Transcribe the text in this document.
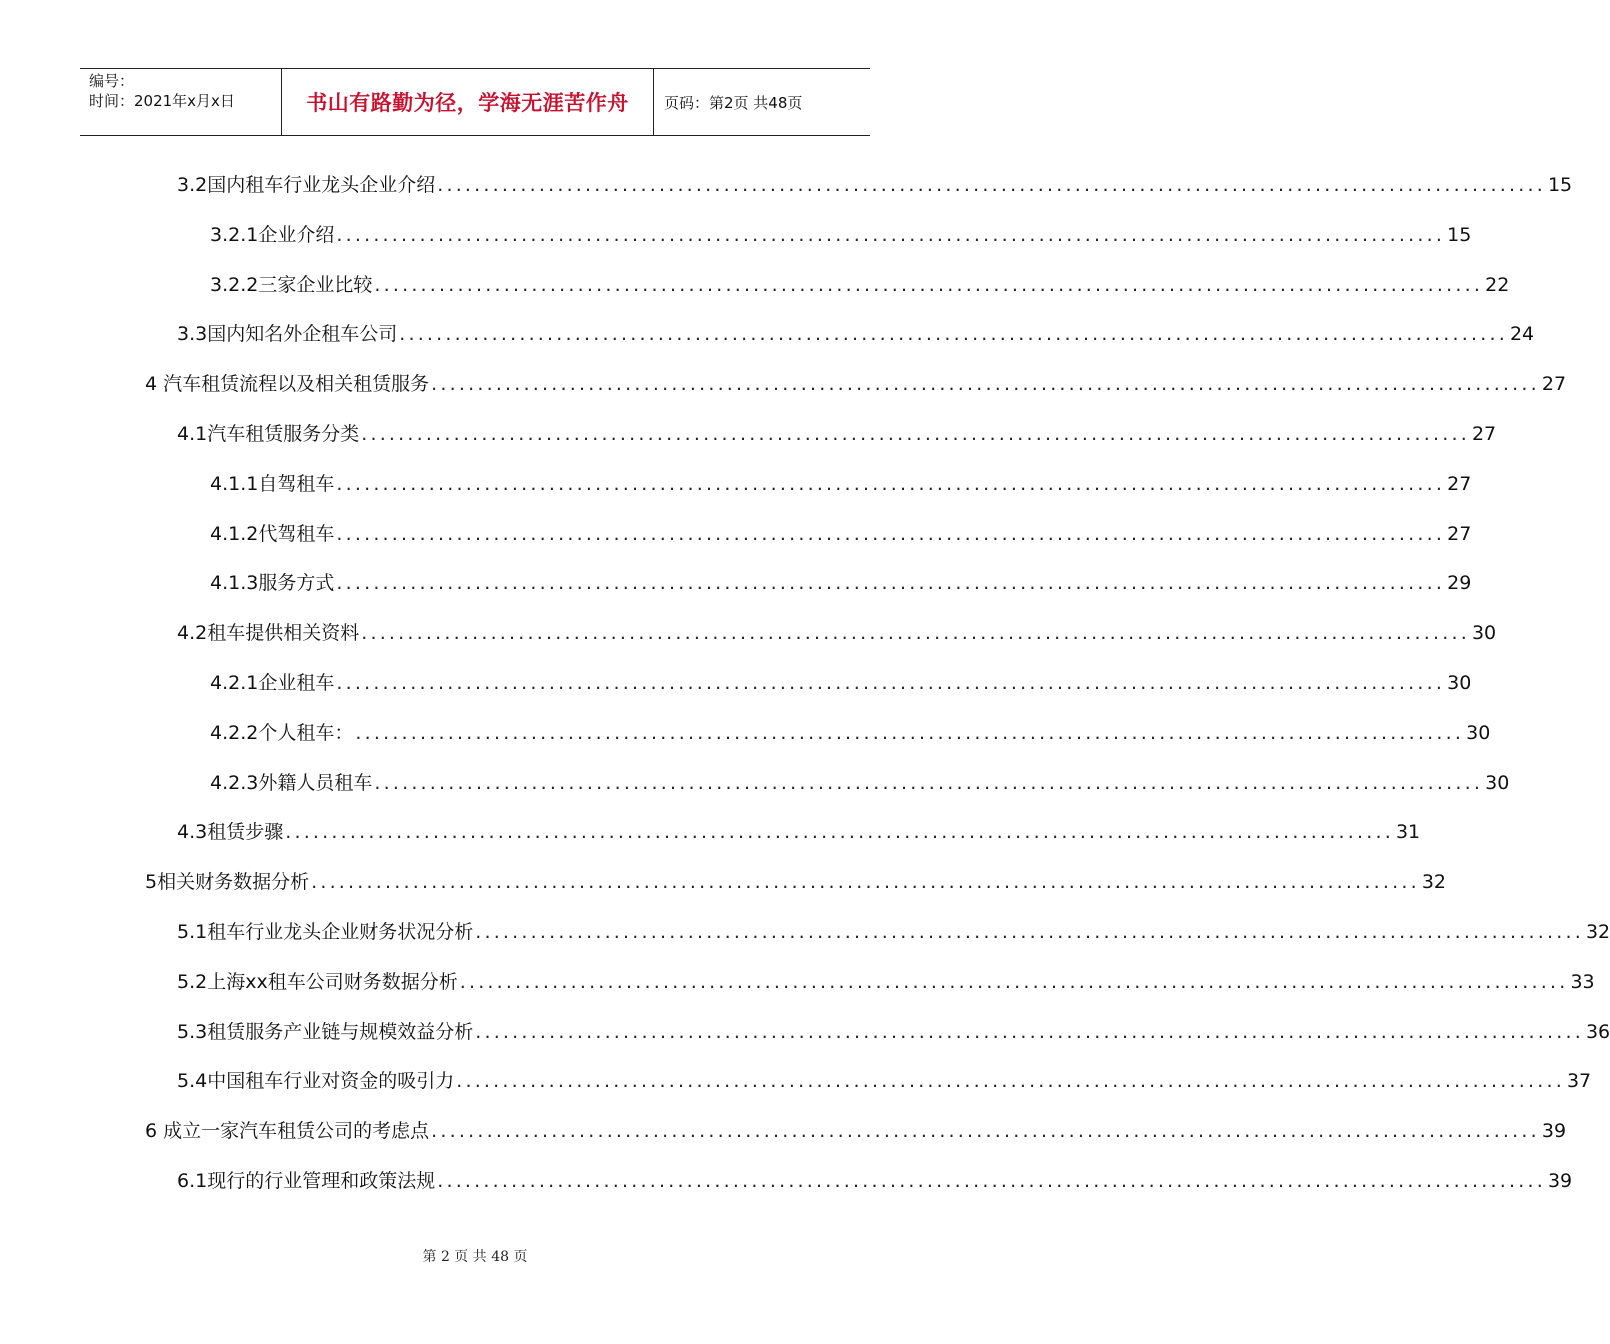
编号：
时间：2021年x月x日	书山有路勤为径，学海无涯苦作舟	页码：第2页 共48页
3.2国内租车行业龙头企业介绍 ........................................................................................................................ 15
3.2.1企业介绍 ........................................................................................................................ 15
3.2.2三家企业比较 ........................................................................................................................ 22
3.3国内知名外企租车公司 ........................................................................................................................ 24
4 汽车租赁流程以及相关租赁服务 ........................................................................................................................ 27
4.1汽车租赁服务分类 ........................................................................................................................ 27
4.1.1自驾租车 ........................................................................................................................ 27
4.1.2代驾租车 ........................................................................................................................ 27
4.1.3服务方式 ........................................................................................................................ 29
4.2租车提供相关资料 ........................................................................................................................ 30
4.2.1企业租车 ........................................................................................................................ 30
4.2.2个人租车： ........................................................................................................................ 30
4.2.3外籍人员租车 ........................................................................................................................ 30
4.3租赁步骤 ........................................................................................................................ 31
5相关财务数据分析 ........................................................................................................................ 32
5.1租车行业龙头企业财务状况分析 ........................................................................................................................ 32
5.2上海xx租车公司财务数据分析 ........................................................................................................................ 33
5.3租赁服务产业链与规模效益分析 ........................................................................................................................ 36
5.4中国租车行业对资金的吸引力 ........................................................................................................................ 37
6 成立一家汽车租赁公司的考虑点 ........................................................................................................................ 39
6.1现行的行业管理和政策法规 ........................................................................................................................ 39
第 2 页 共 48 页
